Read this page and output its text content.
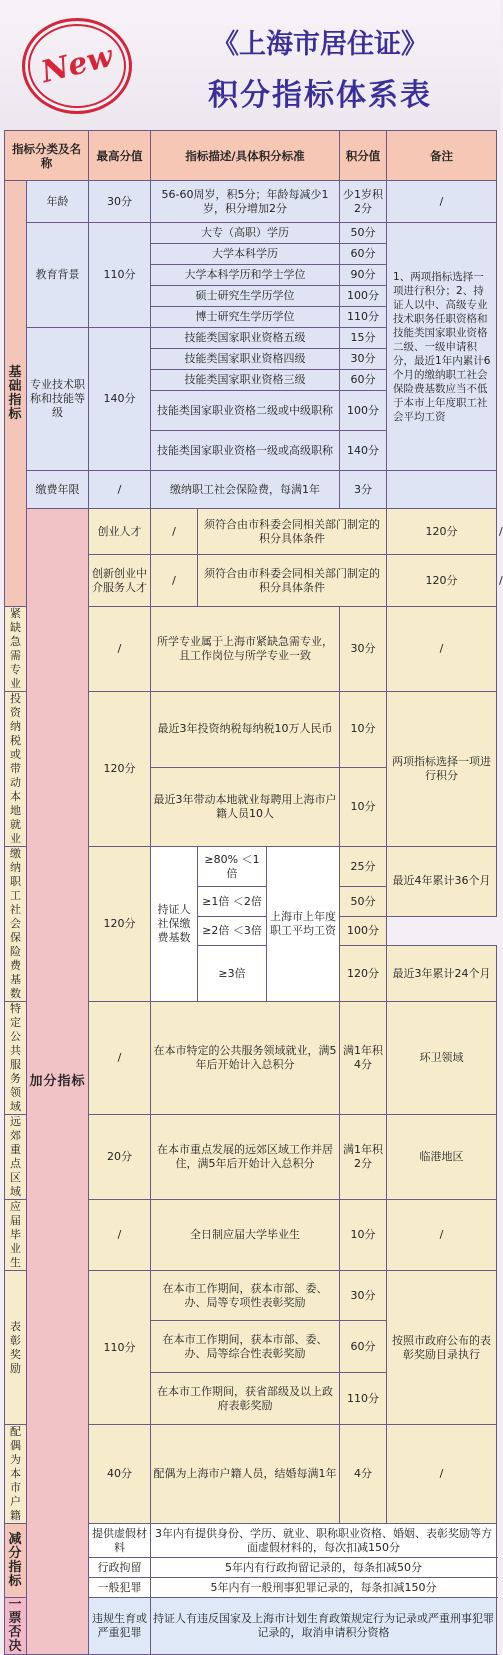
New	《上海市居住证》
积分指标体系表
指标分类及名称		最高分值	指标描述/具体积分标准			积分值	备注	
基础指标	年龄	30分	56-60周岁，积5分；年龄每减少1岁，积分增加2分			少1岁积2分	/	
	教育背景	110分	大专（高职）学历			50分	1、两项指标选择一项进行积分；2、持证人以中、高级专业技术职务任职资格和技能类国家职业资格二级、一级申请积分，最近1年内累计6个月的缴纳职工社会保险费基数应当不低于本市上年度职工社会平均工资	
			大学本科学历			60分		
			大学本科学历和学士学位			90分		
			硕士研究生学历学位			100分		
			博士研究生学历学位			110分		
	专业技术职称和技能等级	140分	技能类国家职业资格五级			15分		
			技能类国家职业资格四级			30分		
			技能类国家职业资格三级			60分		
			技能类国家职业资格二级或中级职称			100分		
			技能类国家职业资格一级或高级职称			140分		
	缴费年限	/	缴纳职工社会保险费，每满1年			3分		
	加分指标	创业人才	/	须符合由市科委会同相关部门制定的积分具体条件			120分	/
		创新创业中介服务人才	/	须符合由市科委会同相关部门制定的积分具体条件			120分	/
紧缺急需专业		/	所学专业属于上海市紧缺急需专业，且工作岗位与所学专业一致			30分	/	
投资纳税或带动本地就业		120分	最近3年投资纳税每纳税10万人民币			10分	两项指标选择一项进行积分	
			最近3年带动本地就业每聘用上海市户籍人员10人			10分		
缴纳职工社会保险费基数		120分	持证人社保缴费基数	≥80% ＜1倍	上海市上年度职工平均工资	25分	最近4年累计36个月	
				≥1倍 ＜2倍		50分		
				≥2倍 ＜3倍		100分		
				≥3倍		120分	最近3年累计24个月	
特定公共服务领域		/	在本市特定的公共服务领域就业，满5年后开始计入总积分			满1年积4分	环卫领域	
远郊重点区域		20分	在本市重点发展的远郊区域工作并居住，满5年后开始计入总积分			满1年积2分	临港地区	
应届毕业生		/	全日制应届大学毕业生			10分	/	
表彰奖励		110分	在本市工作期间，获本市部、委、办、局等专项性表彰奖励			30分	按照市政府公布的表彰奖励目录执行	
			在本市工作期间，获本市部、委、办、局等综合性表彰奖励			60分		
			在本市工作期间，获省部级及以上政府表彰奖励			110分		
配偶为本市户籍		40分	配偶为上海市户籍人员，结婚每满1年			4分	/	
减分指标		提供虚假材料	3年内有提供身份、学历、就业、职称职业资格、婚姻、表彰奖励等方面虚假材料的，每次扣减150分					
		行政拘留	5年内有行政拘留记录的，每条扣减50分					
		一般犯罪	5年内有一般刑事犯罪记录的，每条扣减150分					
一票否决		违规生育或严重犯罪	持证人有违反国家及上海市计划生育政策规定行为记录或严重刑事犯罪记录的，取消申请积分资格					
